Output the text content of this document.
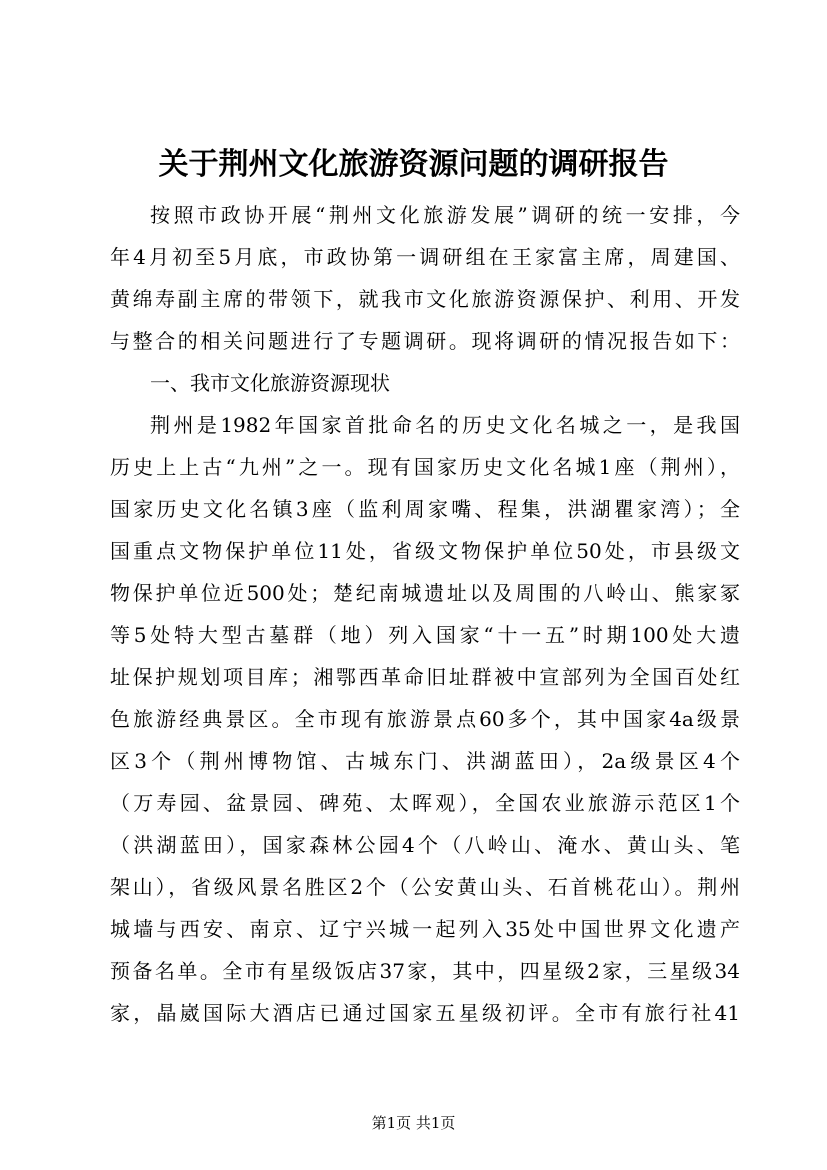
关于荆州文化旅游资源问题的调研报告
按照市政协开展“荆州文化旅游发展”调研的统一安排，今
年4月初至5月底，市政协第一调研组在王家富主席，周建国、
黄绵寿副主席的带领下，就我市文化旅游资源保护、利用、开发
与整合的相关问题进行了专题调研。现将调研的情况报告如下：
一、我市文化旅游资源现状
荆州是1982年国家首批命名的历史文化名城之一，是我国
历史上上古“九州”之一。现有国家历史文化名城1座（荆州），
国家历史文化名镇3座（监利周家嘴、程集，洪湖瞿家湾）；全
国重点文物保护单位11处，省级文物保护单位50处，市县级文
物保护单位近500处；楚纪南城遗址以及周围的八岭山、熊家冢
等5处特大型古墓群（地）列入国家“十一五”时期100处大遗
址保护规划项目库；湘鄂西革命旧址群被中宣部列为全国百处红
色旅游经典景区。全市现有旅游景点60多个，其中国家4a级景
区3个（荆州博物馆、古城东门、洪湖蓝田），2a级景区4个
（万寿园、盆景园、碑苑、太晖观），全国农业旅游示范区1个
（洪湖蓝田），国家森林公园4个（八岭山、淹水、黄山头、笔
架山），省级风景名胜区2个（公安黄山头、石首桃花山）。荆州
城墙与西安、南京、辽宁兴城一起列入35处中国世界文化遗产
预备名单。全市有星级饭店37家，其中，四星级2家，三星级34
家，晶崴国际大酒店已通过国家五星级初评。全市有旅行社41
第1页 共1页
